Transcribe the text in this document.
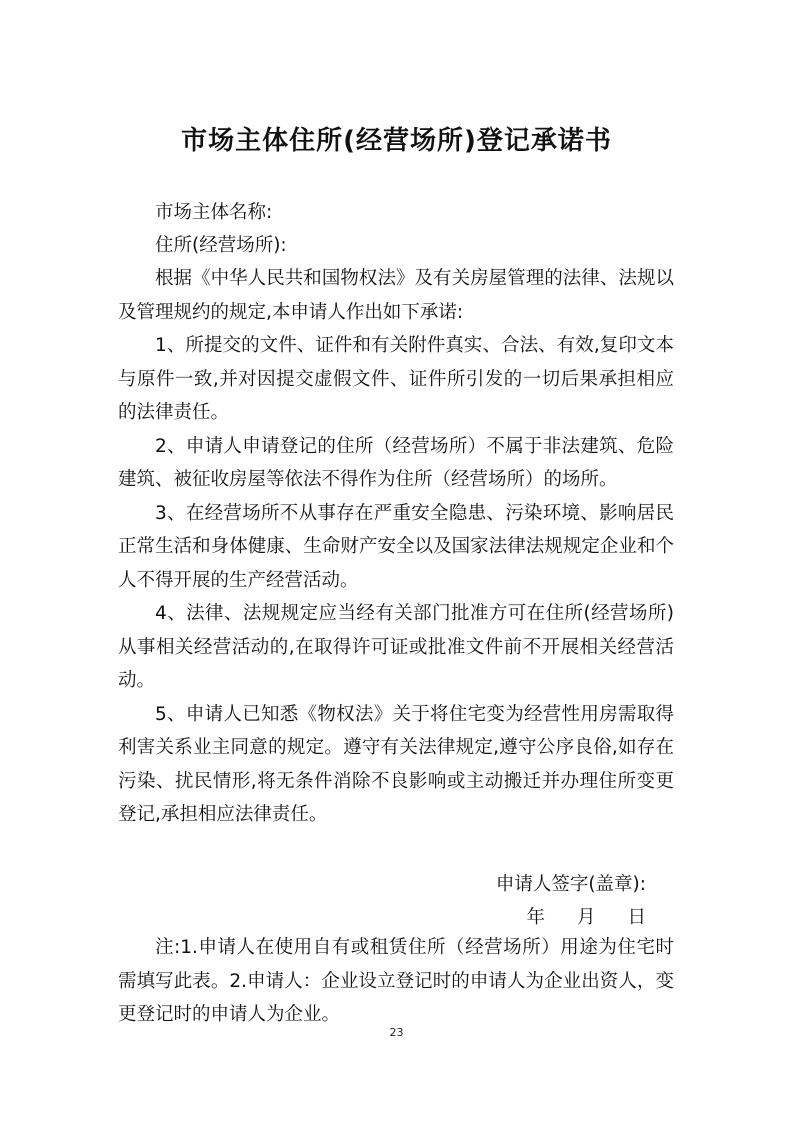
市场主体住所(经营场所)登记承诺书

市场主体名称:

住所(经营场所):

根据《中华人民共和国物权法》及有关房屋管理的法律、法规以及管理规约的规定,本申请人作出如下承诺:

1、所提交的文件、证件和有关附件真实、合法、有效,复印文本与原件一致,并对因提交虚假文件、证件所引发的一切后果承担相应的法律责任。

2、申请人申请登记的住所（经营场所）不属于非法建筑、危险建筑、被征收房屋等依法不得作为住所（经营场所）的场所。

3、在经营场所不从事存在严重安全隐患、污染环境、影响居民正常生活和身体健康、生命财产安全以及国家法律法规规定企业和个人不得开展的生产经营活动。

4、法律、法规规定应当经有关部门批准方可在住所(经营场所)从事相关经营活动的,在取得许可证或批准文件前不开展相关经营活动。

5、申请人已知悉《物权法》关于将住宅变为经营性用房需取得利害关系业主同意的规定。遵守有关法律规定,遵守公序良俗,如存在污染、扰民情形,将无条件消除不良影响或主动搬迁并办理住所变更登记,承担相应法律责任。

申请人签字(盖章):
年 月 日

注:1.申请人在使用自有或租赁住所（经营场所）用途为住宅时需填写此表。2.申请人：企业设立登记时的申请人为企业出资人，变更登记时的申请人为企业。

23
